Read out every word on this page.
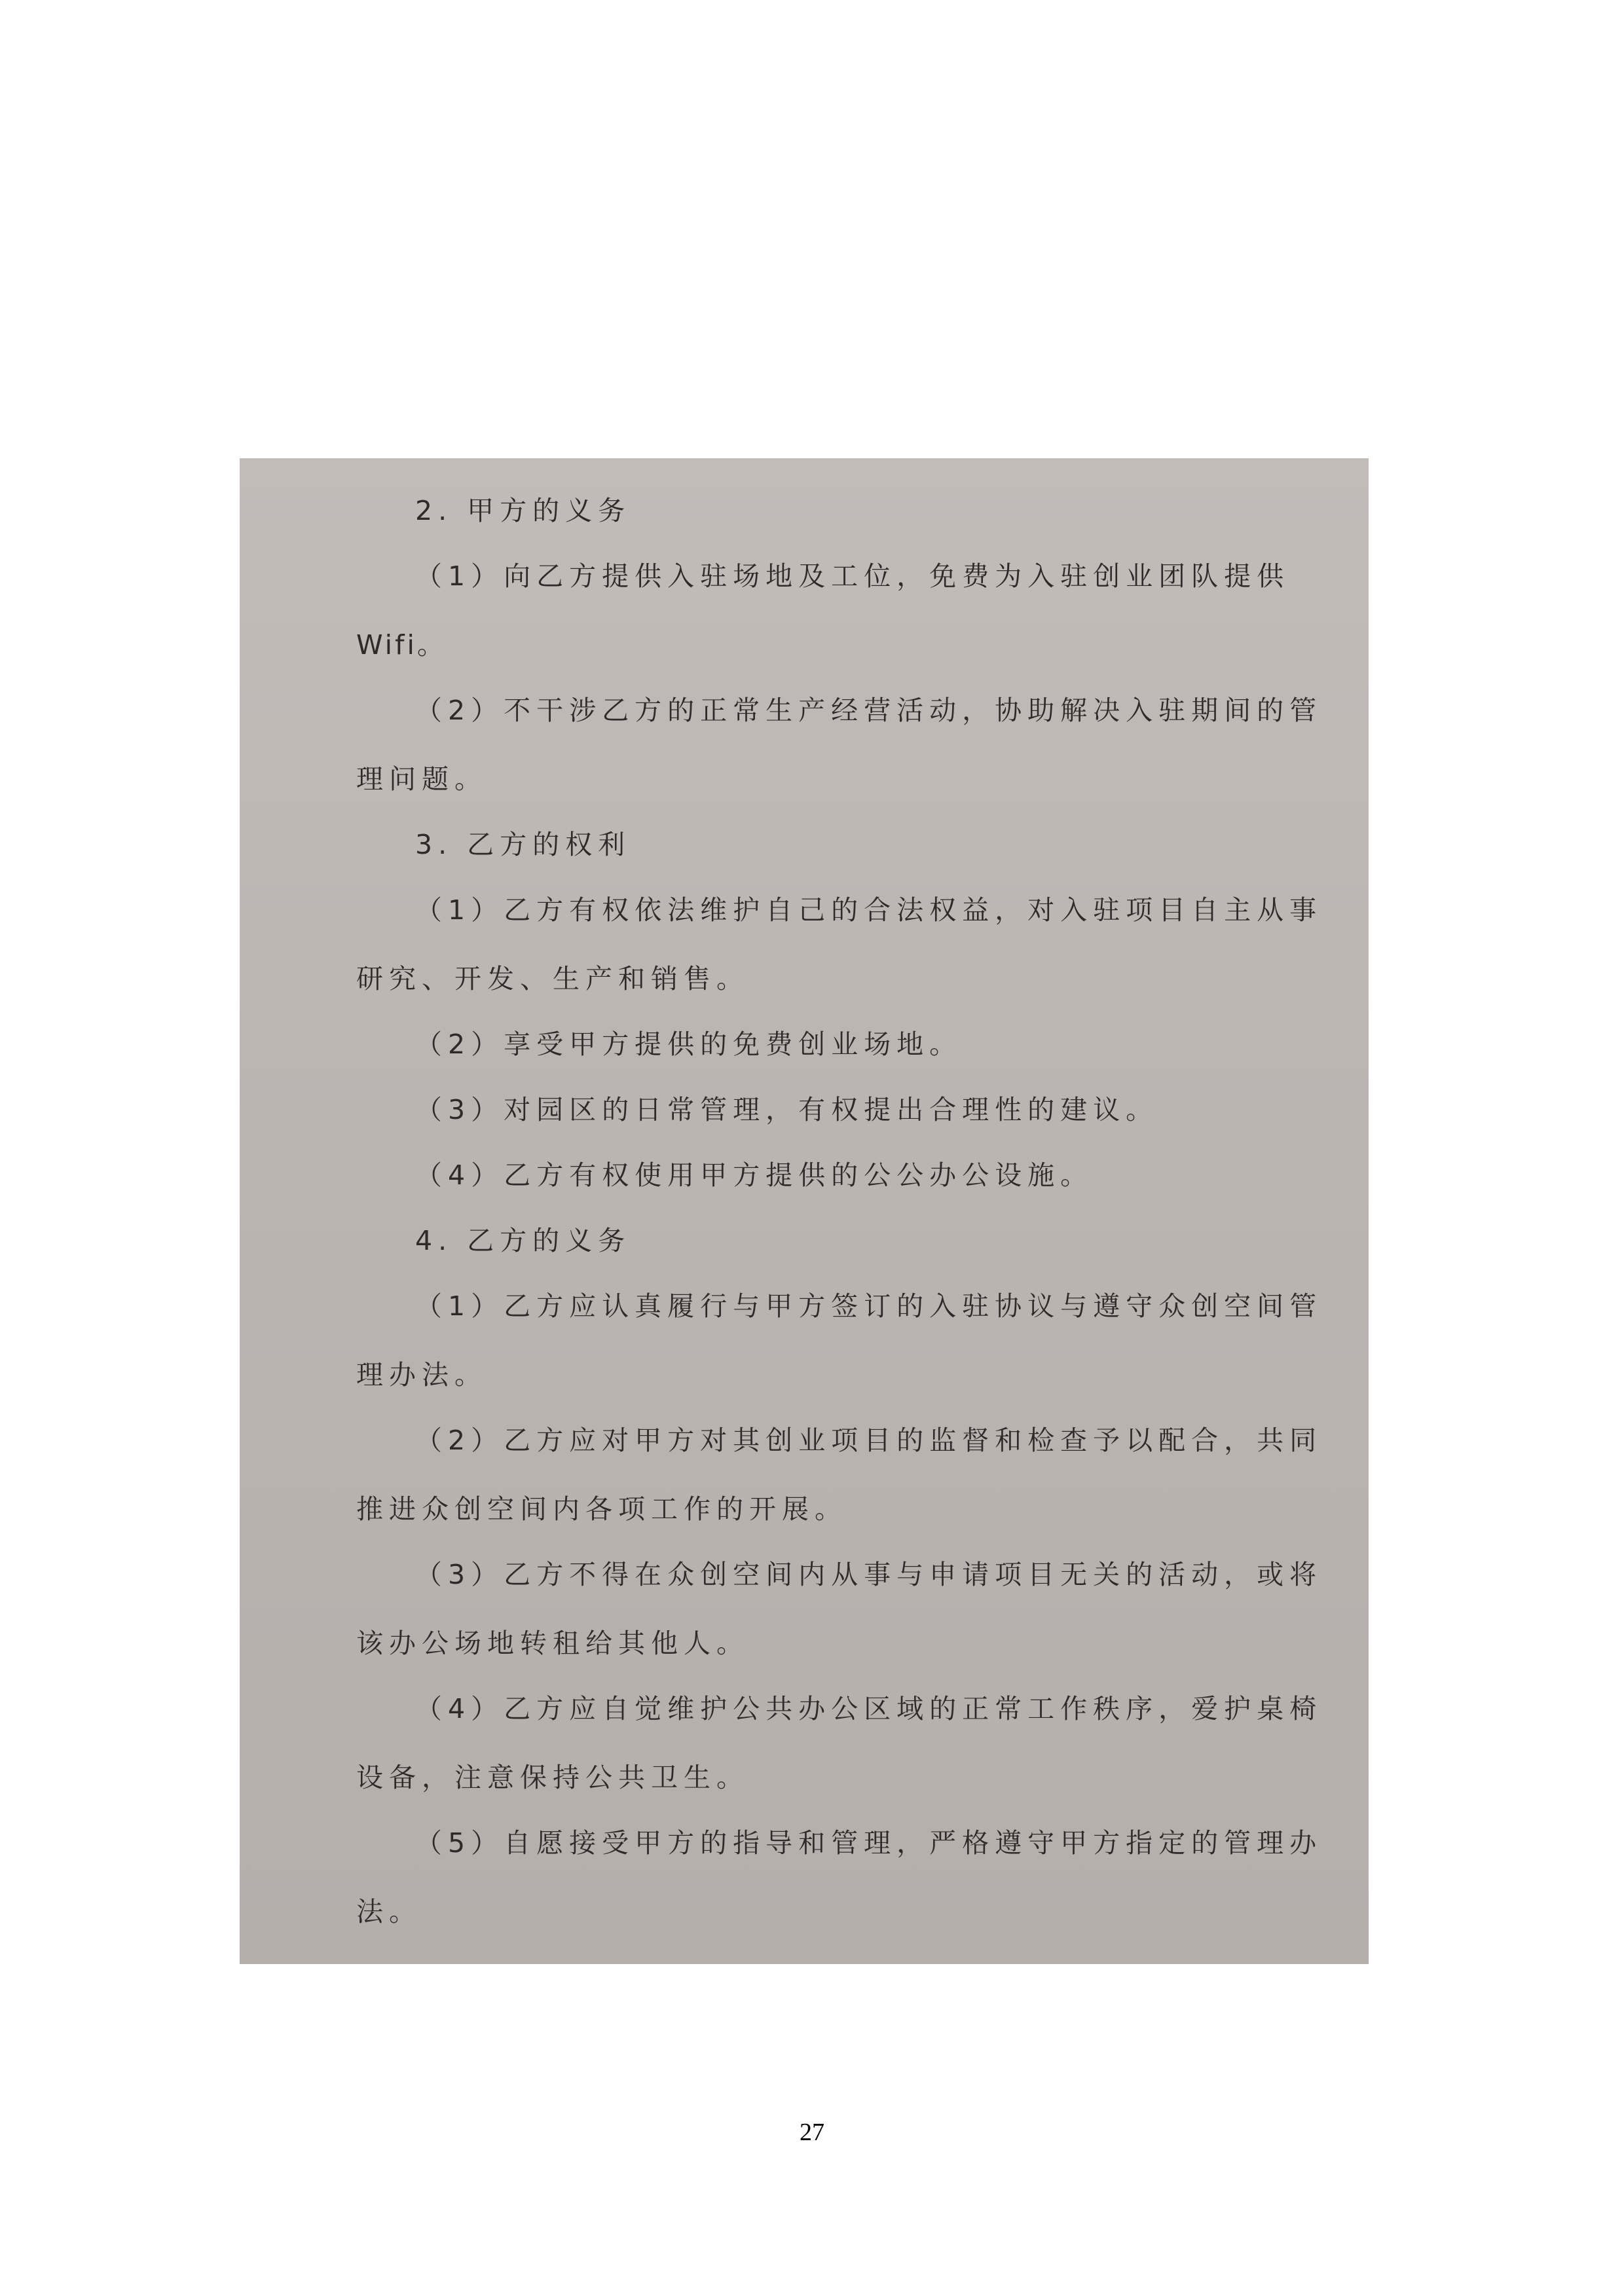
2. 甲方的义务
（1）向乙方提供入驻场地及工位，免费为入驻创业团队提供
Wifi。
（2）不干涉乙方的正常生产经营活动，协助解决入驻期间的管
理问题。
3. 乙方的权利
（1）乙方有权依法维护自己的合法权益，对入驻项目自主从事
研究、开发、生产和销售。
（2）享受甲方提供的免费创业场地。
（3）对园区的日常管理，有权提出合理性的建议。
（4）乙方有权使用甲方提供的公公办公设施。
4. 乙方的义务
（1）乙方应认真履行与甲方签订的入驻协议与遵守众创空间管
理办法。
（2）乙方应对甲方对其创业项目的监督和检查予以配合，共同
推进众创空间内各项工作的开展。
（3）乙方不得在众创空间内从事与申请项目无关的活动，或将
该办公场地转租给其他人。
（4）乙方应自觉维护公共办公区域的正常工作秩序，爱护桌椅
设备，注意保持公共卫生。
（5）自愿接受甲方的指导和管理，严格遵守甲方指定的管理办
法。
27
